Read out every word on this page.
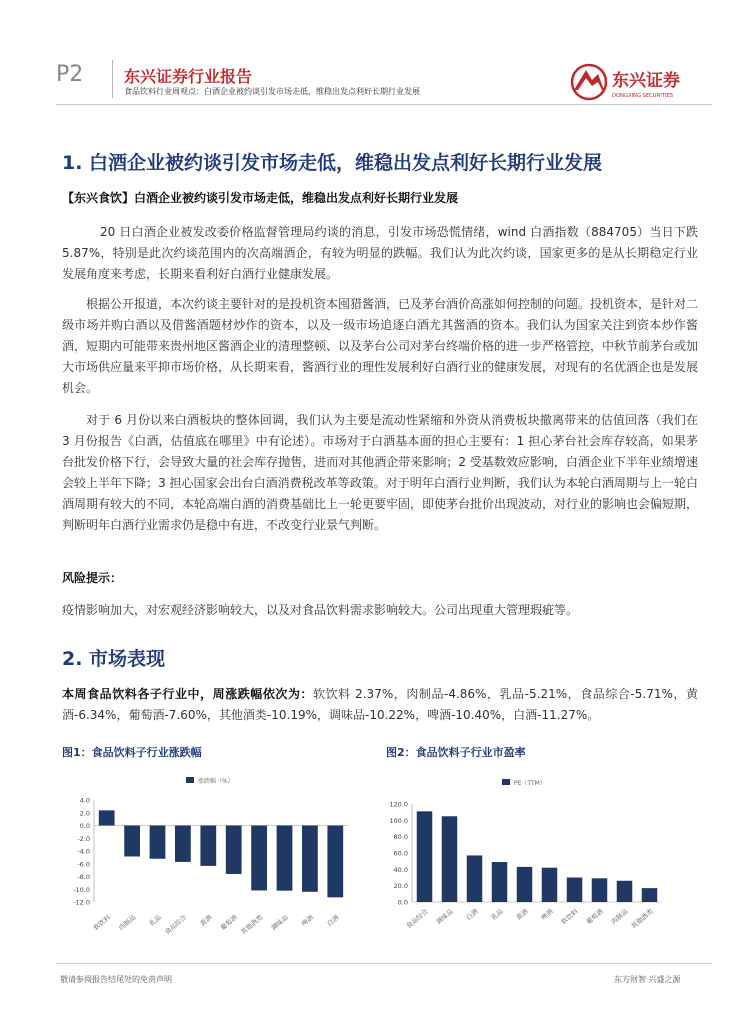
P2	东兴证券行业报告
食品饮料行业周观点：白酒企业被约谈引发市场走低，维稳出发点利好长期行业发展
东兴证券
DONGXING SECURITIES
1. 白酒企业被约谈引发市场走低，维稳出发点利好长期行业发展
【东兴食饮】白酒企业被约谈引发市场走低，维稳出发点利好长期行业发展
20 日白酒企业被发改委价格监督管理局约谈的消息，引发市场恐慌情绪，wind 白酒指数（884705）当日下跌 5.87%，特别是此次约谈范围内的次高端酒企，有较为明显的跌幅。我们认为此次约谈，国家更多的是从长期稳定行业发展角度来考虑，长期来看利好白酒行业健康发展。
根据公开报道，本次约谈主要针对的是投机资本囤猎酱酒，已及茅台酒价高涨如何控制的问题。投机资本，是针对二级市场并购白酒以及借酱酒题材炒作的资本，以及一级市场追逐白酒尤其酱酒的资本。我们认为国家关注到资本炒作酱酒，短期内可能带来贵州地区酱酒企业的清理整顿、以及茅台公司对茅台终端价格的进一步严格管控，中秋节前茅台或加大市场供应量来平抑市场价格，从长期来看，酱酒行业的理性发展利好白酒行业的健康发展，对现有的名优酒企也是发展机会。
对于 6 月份以来白酒板块的整体回调，我们认为主要是流动性紧缩和外资从消费板块撤离带来的估值回落（我们在 3 月份报告《白酒，估值底在哪里》中有论述）。市场对于白酒基本面的担心主要有：1 担心茅台社会库存较高，如果茅台批发价格下行，会导致大量的社会库存抛售，进而对其他酒企带来影响；2 受基数效应影响，白酒企业下半年业绩增速会较上半年下降；3 担心国家会出台白酒消费税改革等政策。对于明年白酒行业判断，我们认为本轮白酒周期与上一轮白酒周期有较大的不同，本轮高端白酒的消费基础比上一轮更要牢固，即使茅台批价出现波动，对行业的影响也会偏短期，判断明年白酒行业需求仍是稳中有进，不改变行业景气判断。
风险提示：
疫情影响加大，对宏观经济影响较大，以及对食品饮料需求影响较大。公司出现重大管理瑕疵等。
2. 市场表现
本周食品饮料各子行业中，周涨跌幅依次为：软饮料 2.37%，肉制品-4.86%，乳品-5.21%，食品综合-5.71%，黄酒-6.34%，葡萄酒-7.60%，其他酒类-10.19%，调味品-10.22%，啤酒-10.40%，白酒-11.27%。
图1：食品饮料子行业涨跌幅	图2：食品饮料子行业市盈率
涨跌幅（%）
4.0
2.0
0.0
-2.0
-4.0
-6.0
-8.0
-10.0
-12.0
软饮料 肉制品 乳品 食品综合 黄酒 葡萄酒 其他酒类 调味品 啤酒 白酒
PE（TTM）
120.0
100.0
80.0
60.0
40.0
20.0
0.0
食品综合 调味品 白酒 乳品 黄酒 啤酒 软饮料 葡萄酒 肉制品 其他酒类
敬请参阅报告结尾处的免责声明	东方财智 兴盛之源
